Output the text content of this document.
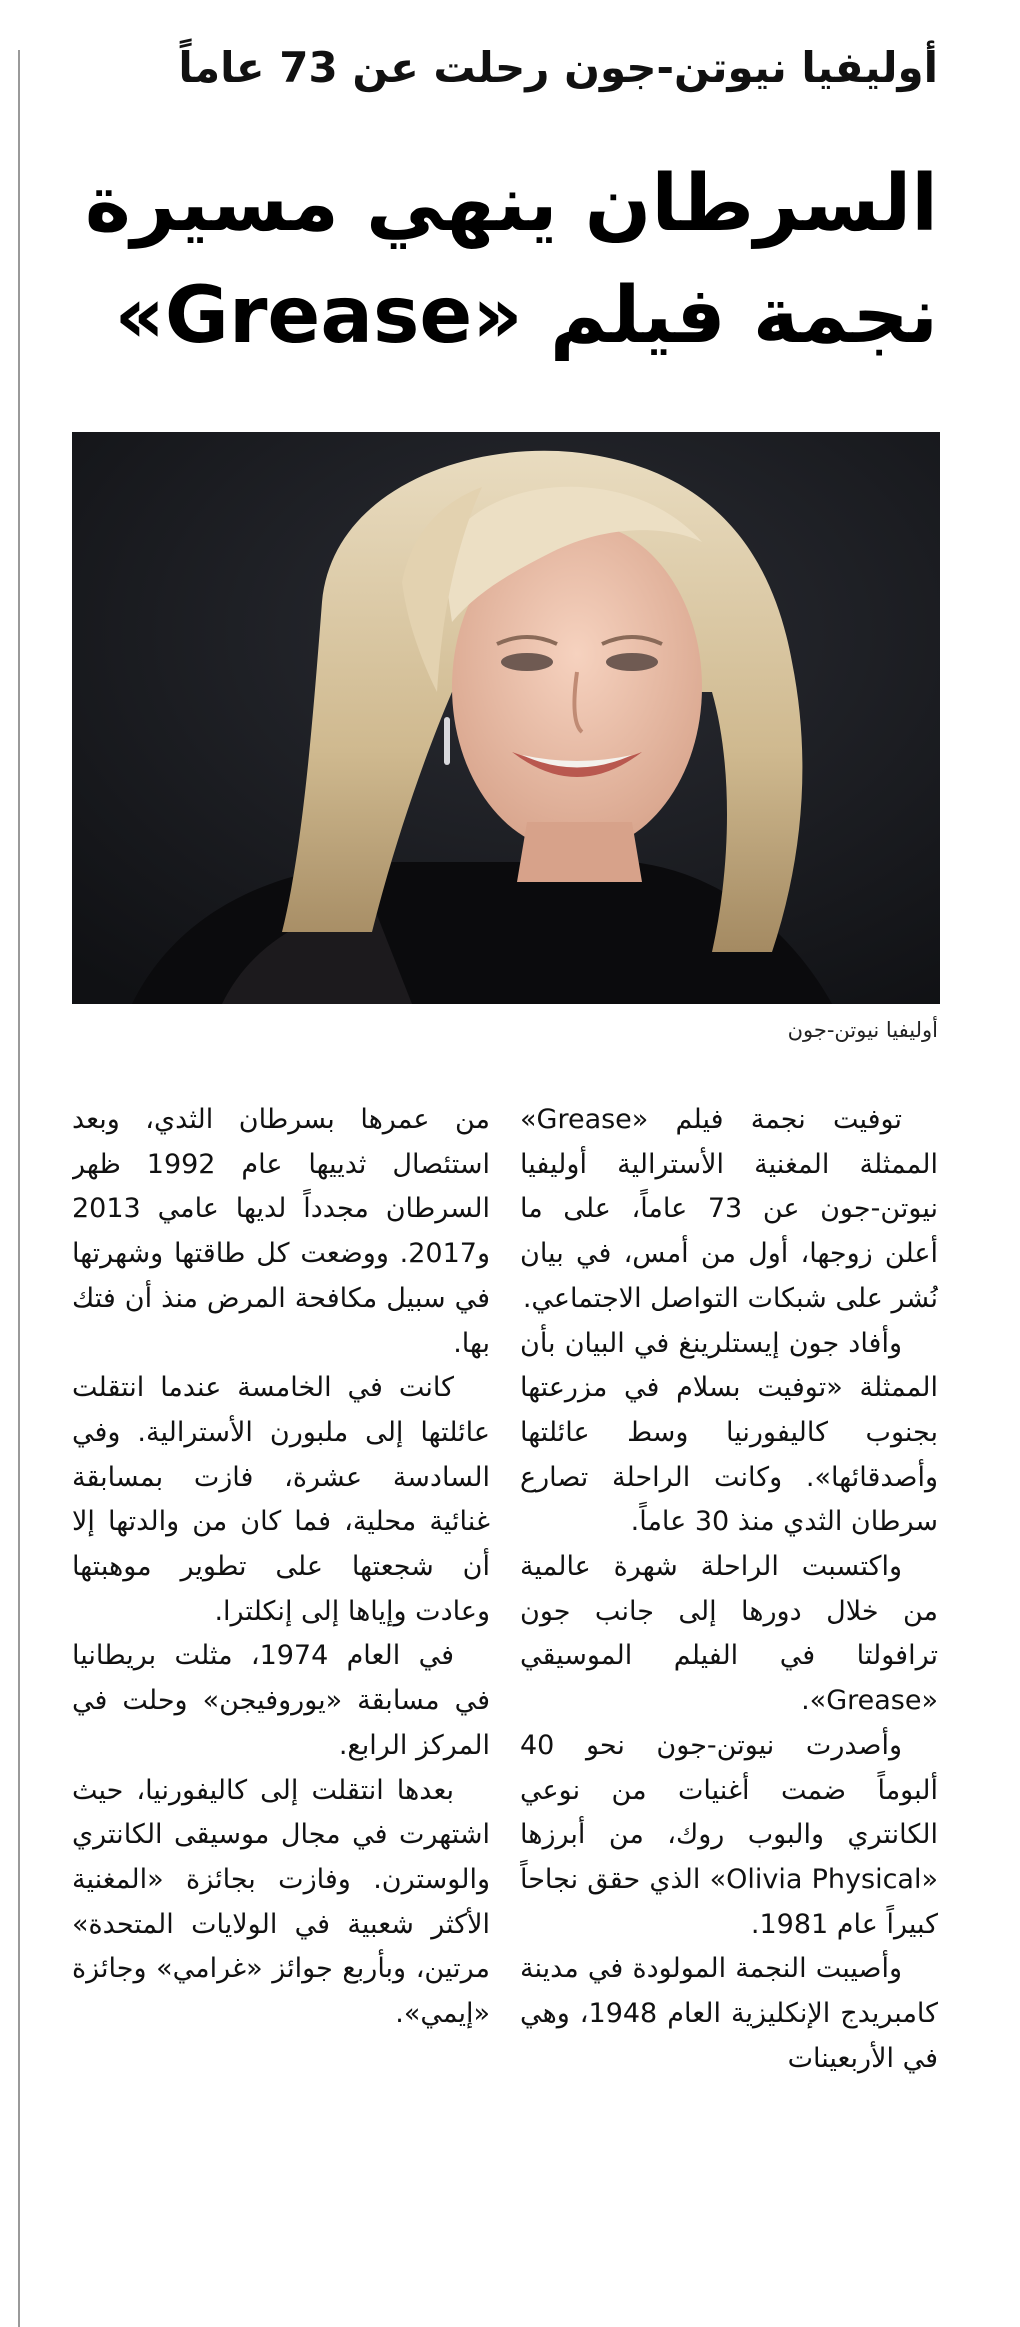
أوليفيا نيوتن-جون رحلت عن 73 عاماً
السرطان ينهي مسيرة
نجمة فيلم «Grease»
أوليفيا نيوتن-جون

توفيت نجمة فيلم «Grease» الممثلة المغنية الأسترالية أوليفيا نيوتن-جون عن 73 عاماً، على ما أعلن زوجها، أول من أمس، في بيان نُشر على شبكات التواصل الاجتماعي.

وأفاد جون إيستلرينغ في البيان بأن الممثلة «توفيت بسلام في مزرعتها بجنوب كاليفورنيا وسط عائلتها وأصدقائها». وكانت الراحلة تصارع سرطان الثدي منذ 30 عاماً.

واكتسبت الراحلة شهرة عالمية من خلال دورها إلى جانب جون ترافولتا في الفيلم الموسيقي «Grease».

وأصدرت نيوتن-جون نحو 40 ألبوماً ضمت أغنيات من نوعي الكانتري والبوب روك، من أبرزها «Olivia Physical» الذي حقق نجاحاً كبيراً عام 1981.

وأصيبت النجمة المولودة في مدينة كامبريدج الإنكليزية العام 1948، وهي في الأربعينات

من عمرها بسرطان الثدي، وبعد استئصال ثدييها عام 1992 ظهر السرطان مجدداً لديها عامي 2013 و2017. ووضعت كل طاقتها وشهرتها في سبيل مكافحة المرض منذ أن فتك بها.

كانت في الخامسة عندما انتقلت عائلتها إلى ملبورن الأسترالية. وفي السادسة عشرة، فازت بمسابقة غنائية محلية، فما كان من والدتها إلا أن شجعتها على تطوير موهبتها وعادت وإياها إلى إنكلترا.

في العام 1974، مثلت بريطانيا في مسابقة «يوروفيجن» وحلت في المركز الرابع.

بعدها انتقلت إلى كاليفورنيا، حيث اشتهرت في مجال موسيقى الكانتري والوسترن. وفازت بجائزة «المغنية الأكثر شعبية في الولايات المتحدة» مرتين، وبأربع جوائز «غرامي» وجائزة «إيمي».
